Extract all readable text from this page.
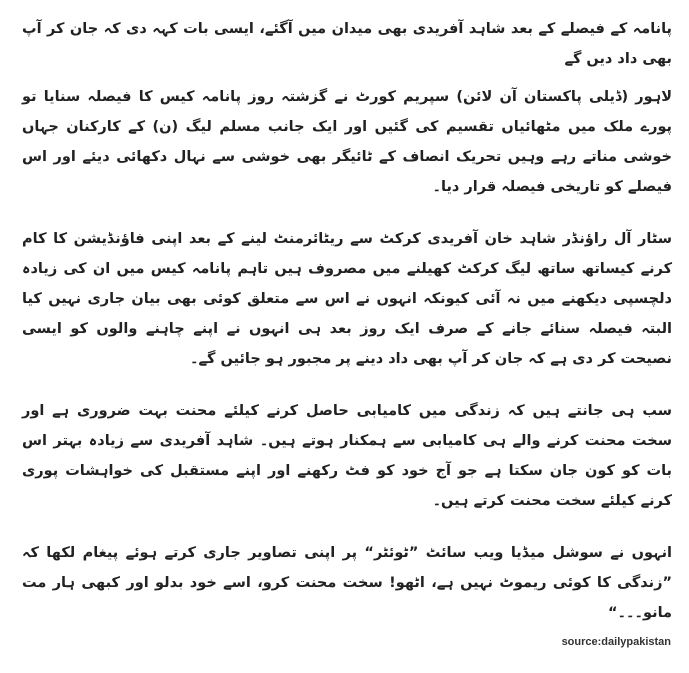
پانامہ کے فیصلے کے بعد شاہد آفریدی بھی میدان میں آگئے، ایسی بات کہہ دی کہ جان کر آپ بھی داد دیں گے

لاہور (ڈیلی پاکستان آن لائن) سپریم کورٹ نے گزشتہ روز پانامہ کیس کا فیصلہ سنایا تو پورے ملک میں مٹھائیاں تقسیم کی گئیں اور ایک جانب مسلم لیگ (ن) کے کارکنان جہاں خوشی مناتے رہے وہیں تحریک انصاف کے ٹائیگر بھی خوشی سے نہال دکھائی دیئے اور اس فیصلے کو تاریخی فیصلہ قرار دیا۔

سٹار آل راؤنڈر شاہد خان آفریدی کرکٹ سے ریٹائرمنٹ لینے کے بعد اپنی فاؤنڈیشن کا کام کرنے کیساتھ ساتھ لیگ کرکٹ کھیلنے میں مصروف ہیں تاہم پانامہ کیس میں ان کی زیادہ دلچسپی دیکھنے میں نہ آئی کیونکہ انہوں نے اس سے متعلق کوئی بھی بیان جاری نہیں کیا البتہ فیصلہ سنائے جانے کے صرف ایک روز بعد ہی انہوں نے اپنے چاہنے والوں کو ایسی نصیحت کر دی ہے کہ جان کر آپ بھی داد دینے پر مجبور ہو جائیں گے۔

سب ہی جانتے ہیں کہ زندگی میں کامیابی حاصل کرنے کیلئے محنت بہت ضروری ہے اور سخت محنت کرنے والے ہی کامیابی سے ہمکنار ہوتے ہیں۔ شاہد آفریدی سے زیادہ بہتر اس بات کو کون جان سکتا ہے جو آج خود کو فٹ رکھنے اور اپنے مستقبل کی خواہشات پوری کرنے کیلئے سخت محنت کرتے ہیں۔

انہوں نے سوشل میڈیا ویب سائٹ ”ٹوئٹر“ پر اپنی تصاویر جاری کرتے ہوئے پیغام لکھا کہ ”زندگی کا کوئی ریموٹ نہیں ہے، اٹھو! سخت محنت کرو، اسے خود بدلو اور کبھی ہار مت مانو۔۔۔“

source:dailypakistan
